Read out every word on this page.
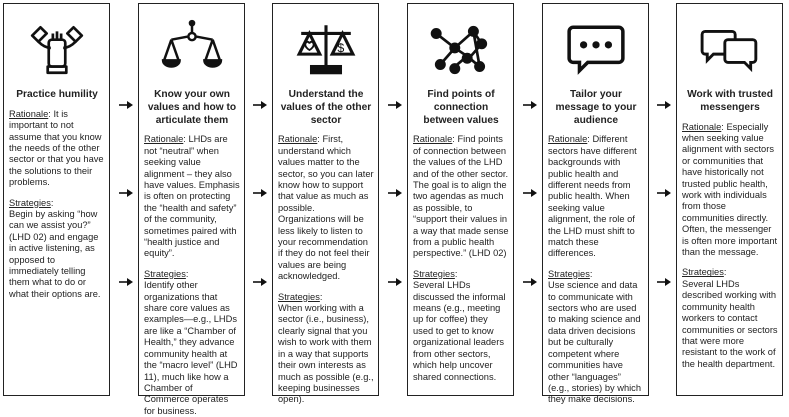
Practice humility
Rationale: It is important to not assume that you know the needs of the other sector or that you have the solutions to their problems.
Strategies:
Begin by asking “how can we assist you?” (LHD 02) and engage in active listening, as opposed to immediately telling them what to do or what their options are.
Know your own values and how to articulate them
Rationale: LHDs are not “neutral” when seeking value alignment – they also have values. Emphasis is often on protecting the “health and safety” of the community, sometimes paired with “health justice and equity”.
Strategies:
Identify other organizations that share core values as examples—e.g., LHDs are like a “Chamber of Health,” they advance community health at the “macro level” (LHD 11), much like how a Chamber of Commerce operates for business.
$
Understand the values of the other sector
Rationale: First, understand which values matter to the sector, so you can later know how to support that value as much as possible. Organizations will be less likely to listen to your recommendation if they do not feel their values are being acknowledged.
Strategies:
When working with a sector (i.e., business), clearly signal that you wish to work with them in a way that supports their own interests as much as possible (e.g., keeping businesses open).
Find points of connection between values
Rationale: Find points of connection between the values of the LHD and of the other sector. The goal is to align the two agendas as much as possible, to “support their values in a way that made sense from a public health perspective.” (LHD 02)
Strategies:
Several LHDs discussed the informal means (e.g., meeting up for coffee) they used to get to know organizational leaders from other sectors, which help uncover shared connections.
Tailor your message to your audience
Rationale: Different sectors have different backgrounds with public health and different needs from public health. When seeking value alignment, the role of the LHD must shift to match these differences.
Strategies:
Use science and data to communicate with sectors who are used to making science and data driven decisions but be culturally competent where communities have other “languages” (e.g., stories) by which they make decisions.
Work with trusted messengers
Rationale: Especially when seeking value alignment with sectors or communities that have historically not trusted public health, work with individuals from those communities directly. Often, the messenger is often more important than the message.
Strategies:
Several LHDs described working with community health workers to contact communities or sectors that were more resistant to the work of the health department.
